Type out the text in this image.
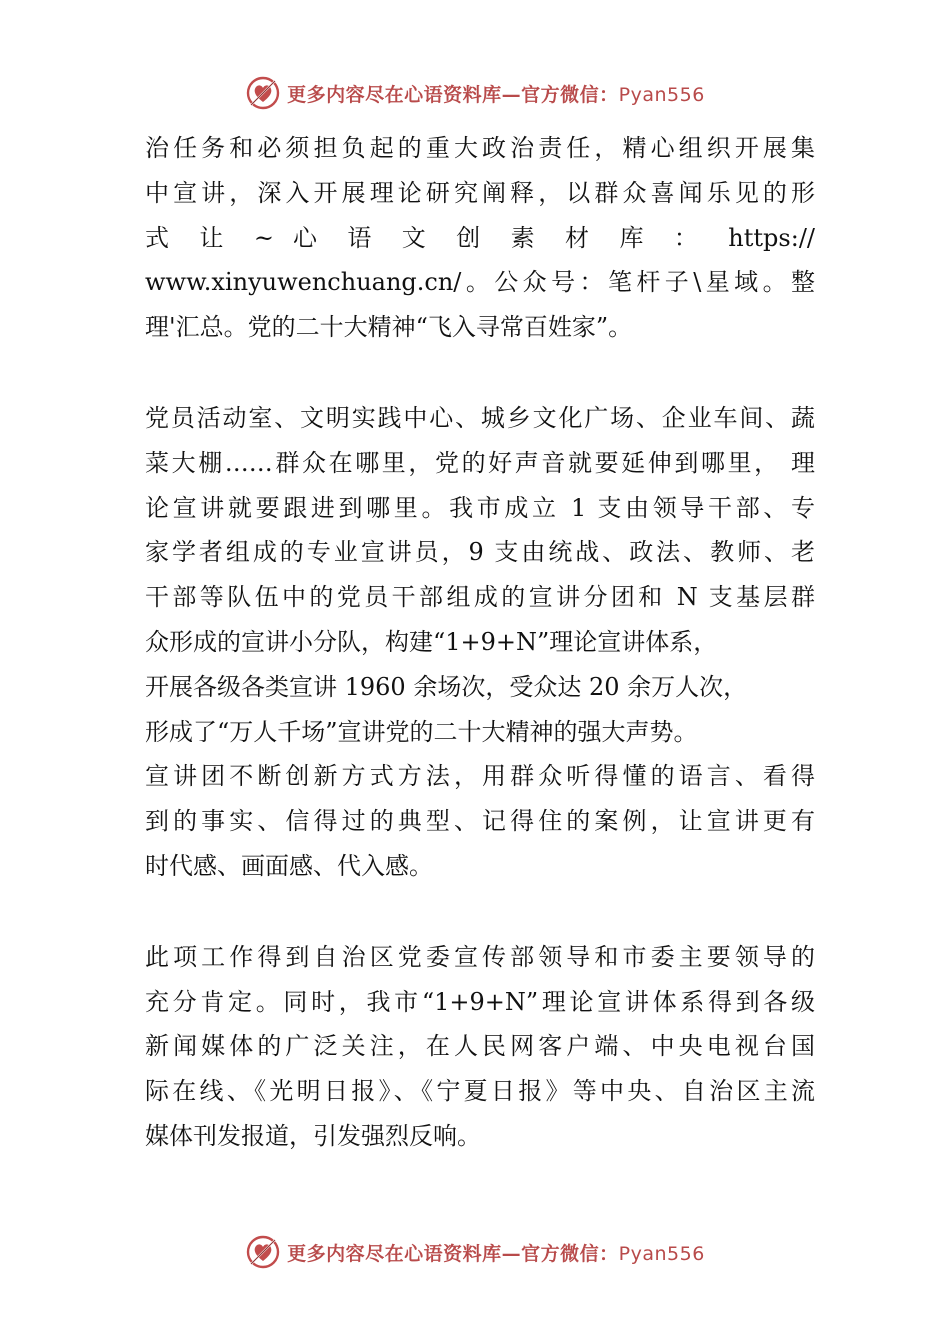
更多内容尽在心语资料库—官方微信：Pyan556
治任务和必须担负起的重大政治责任，精心组织开展集
中宣讲，深入开展理论研究阐释，以群众喜闻乐见的形
式 让 ~ 心 语 文 创 素 材 库 ： https://
www.xinyuwenchuang.cn/。公众号：笔杆子\星域。整
理'汇总。党的二十大精神“飞入寻常百姓家”。
党员活动室、文明实践中心、城乡文化广场、企业车间、蔬
菜大棚……群众在哪里，党的好声音就要延伸到哪里， 理
论宣讲就要跟进到哪里。我市成立 1 支由领导干部、专
家学者组成的专业宣讲员，9 支由统战、政法、教师、老
干部等队伍中的党员干部组成的宣讲分团和 N 支基层群
众形成的宣讲小分队，构建“1+9+N”理论宣讲体系，
开展各级各类宣讲 1960 余场次，受众达 20 余万人次，
形成了“万人千场”宣讲党的二十大精神的强大声势。
宣讲团不断创新方式方法，用群众听得懂的语言、看得
到的事实、信得过的典型、记得住的案例，让宣讲更有
时代感、画面感、代入感。
此项工作得到自治区党委宣传部领导和市委主要领导的
充分肯定。同时，我市“1+9+N”理论宣讲体系得到各级
新闻媒体的广泛关注，在人民网客户端、中央电视台国
际在线、《光明日报》、《宁夏日报》等中央、自治区主流
媒体刊发报道，引发强烈反响。
更多内容尽在心语资料库—官方微信：Pyan556
